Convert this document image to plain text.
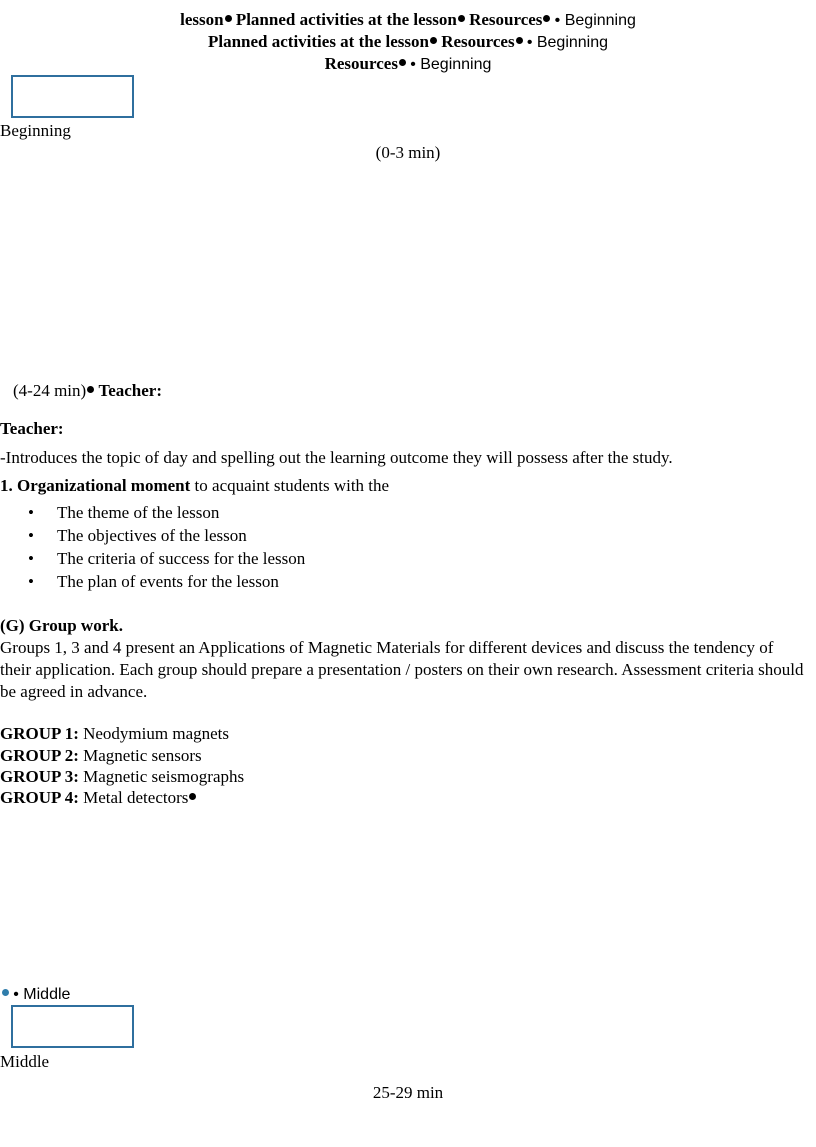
lesson Planned activities at the lesson Resources • Beginning
Planned activities at the lesson Resources • Beginning
Resources • Beginning
Beginning
(0-3 min)
(4-24 min) Teacher:
Teacher:
-Introduces the topic of day and spelling out the learning outcome they will possess after the study.
1. Organizational moment to acquaint students with the
• The theme of the lesson
• The objectives of the lesson
• The criteria of success for the lesson
• The plan of events for the lesson
(G) Group work.
Groups 1, 3 and 4 present an Applications of Magnetic Materials for different devices and discuss the tendency of their application. Each group should prepare a presentation / posters on their own research. Assessment criteria should be agreed in advance.
GROUP 1: Neodymium magnets
GROUP 2: Magnetic sensors
GROUP 3: Magnetic seismographs
GROUP 4: Metal detectors
• Middle
Middle
25-29 min
